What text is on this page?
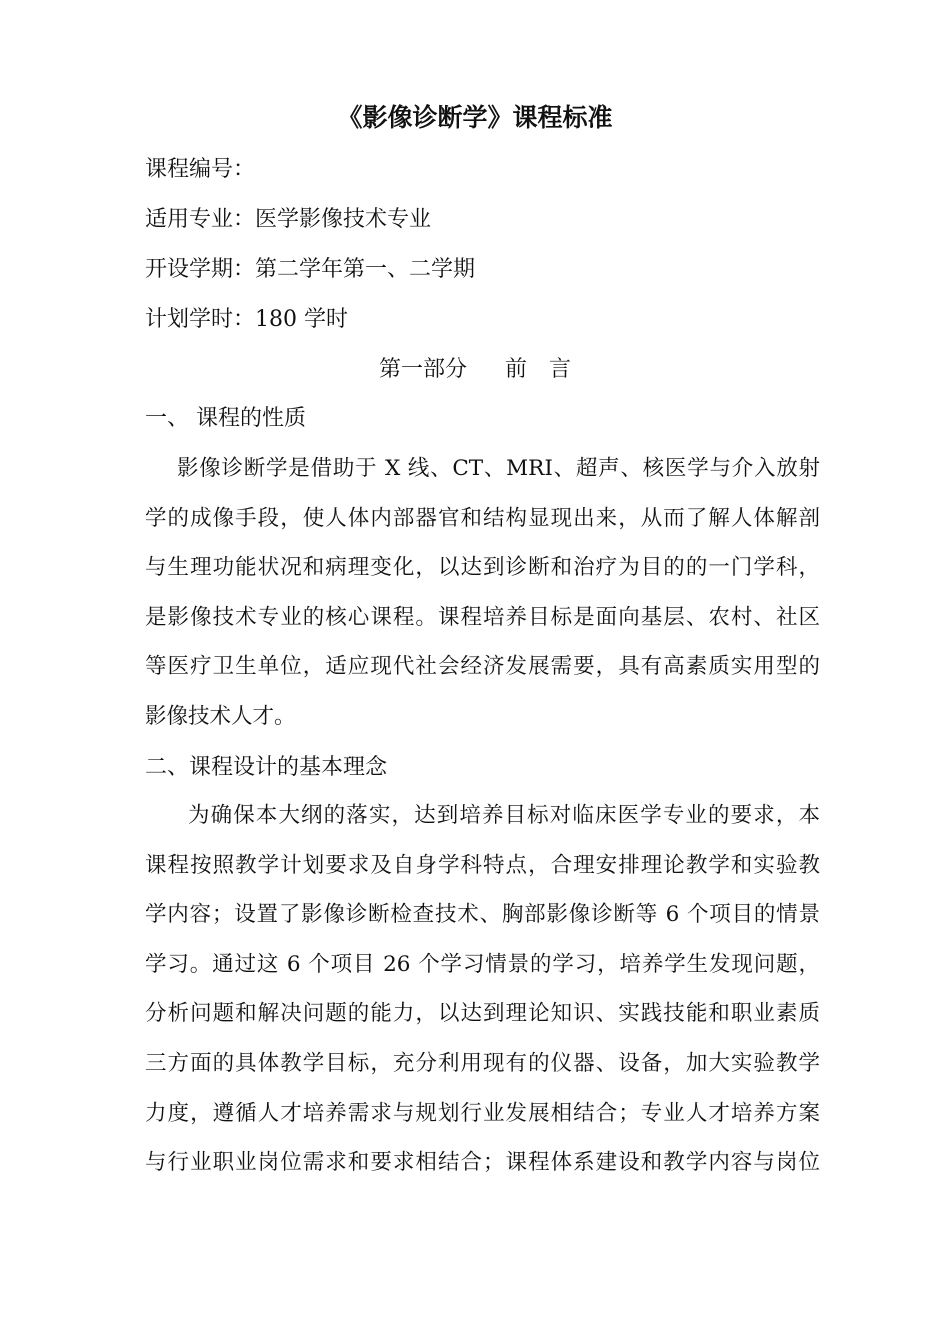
《影像诊断学》课程标准
课程编号：
适用专业：医学影像技术专业
开设学期：第二学年第一、二学期
计划学时：180 学时
第一部分 前 言
一、 课程的性质
影像诊断学是借助于 X 线、CT、MRI、超声、核医学与介入放射
学的成像手段，使人体内部器官和结构显现出来，从而了解人体解剖
与生理功能状况和病理变化，以达到诊断和治疗为目的的一门学科，
是影像技术专业的核心课程。课程培养目标是面向基层、农村、社区
等医疗卫生单位，适应现代社会经济发展需要，具有高素质实用型的
影像技术人才。
二、课程设计的基本理念
为确保本大纲的落实，达到培养目标对临床医学专业的要求，本
课程按照教学计划要求及自身学科特点，合理安排理论教学和实验教
学内容；设置了影像诊断检查技术、胸部影像诊断等 6 个项目的情景
学习。通过这 6 个项目 26 个学习情景的学习，培养学生发现问题，
分析问题和解决问题的能力，以达到理论知识、实践技能和职业素质
三方面的具体教学目标，充分利用现有的仪器、设备，加大实验教学
力度，遵循人才培养需求与规划行业发展相结合；专业人才培养方案
与行业职业岗位需求和要求相结合；课程体系建设和教学内容与岗位
